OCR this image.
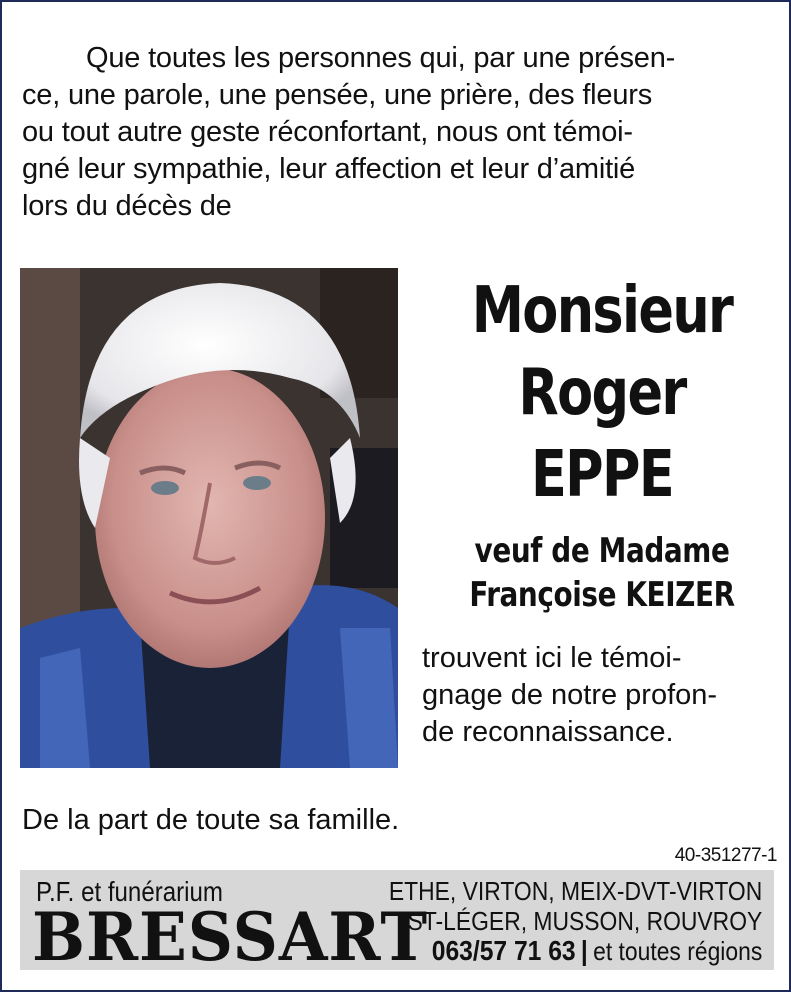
Que toutes les personnes qui, par une présen-
ce, une parole, une pensée, une prière, des fleurs
ou tout autre geste réconfortant, nous ont témoi-
gné leur sympathie, leur affection et leur d’amitié
lors du décès de
Monsieur
Roger
EPPE
veuf de Madame
Françoise KEIZER
trouvent ici le témoi-
gnage de notre profon-
de reconnaissance.
De la part de toute sa famille.
40-351277-1
P.F. et funérarium
BRESSART
ETHE, VIRTON, MEIX-DVT-VIRTON
ST-LÉGER, MUSSON, ROUVROY
063/57 71 63 | et toutes régions
